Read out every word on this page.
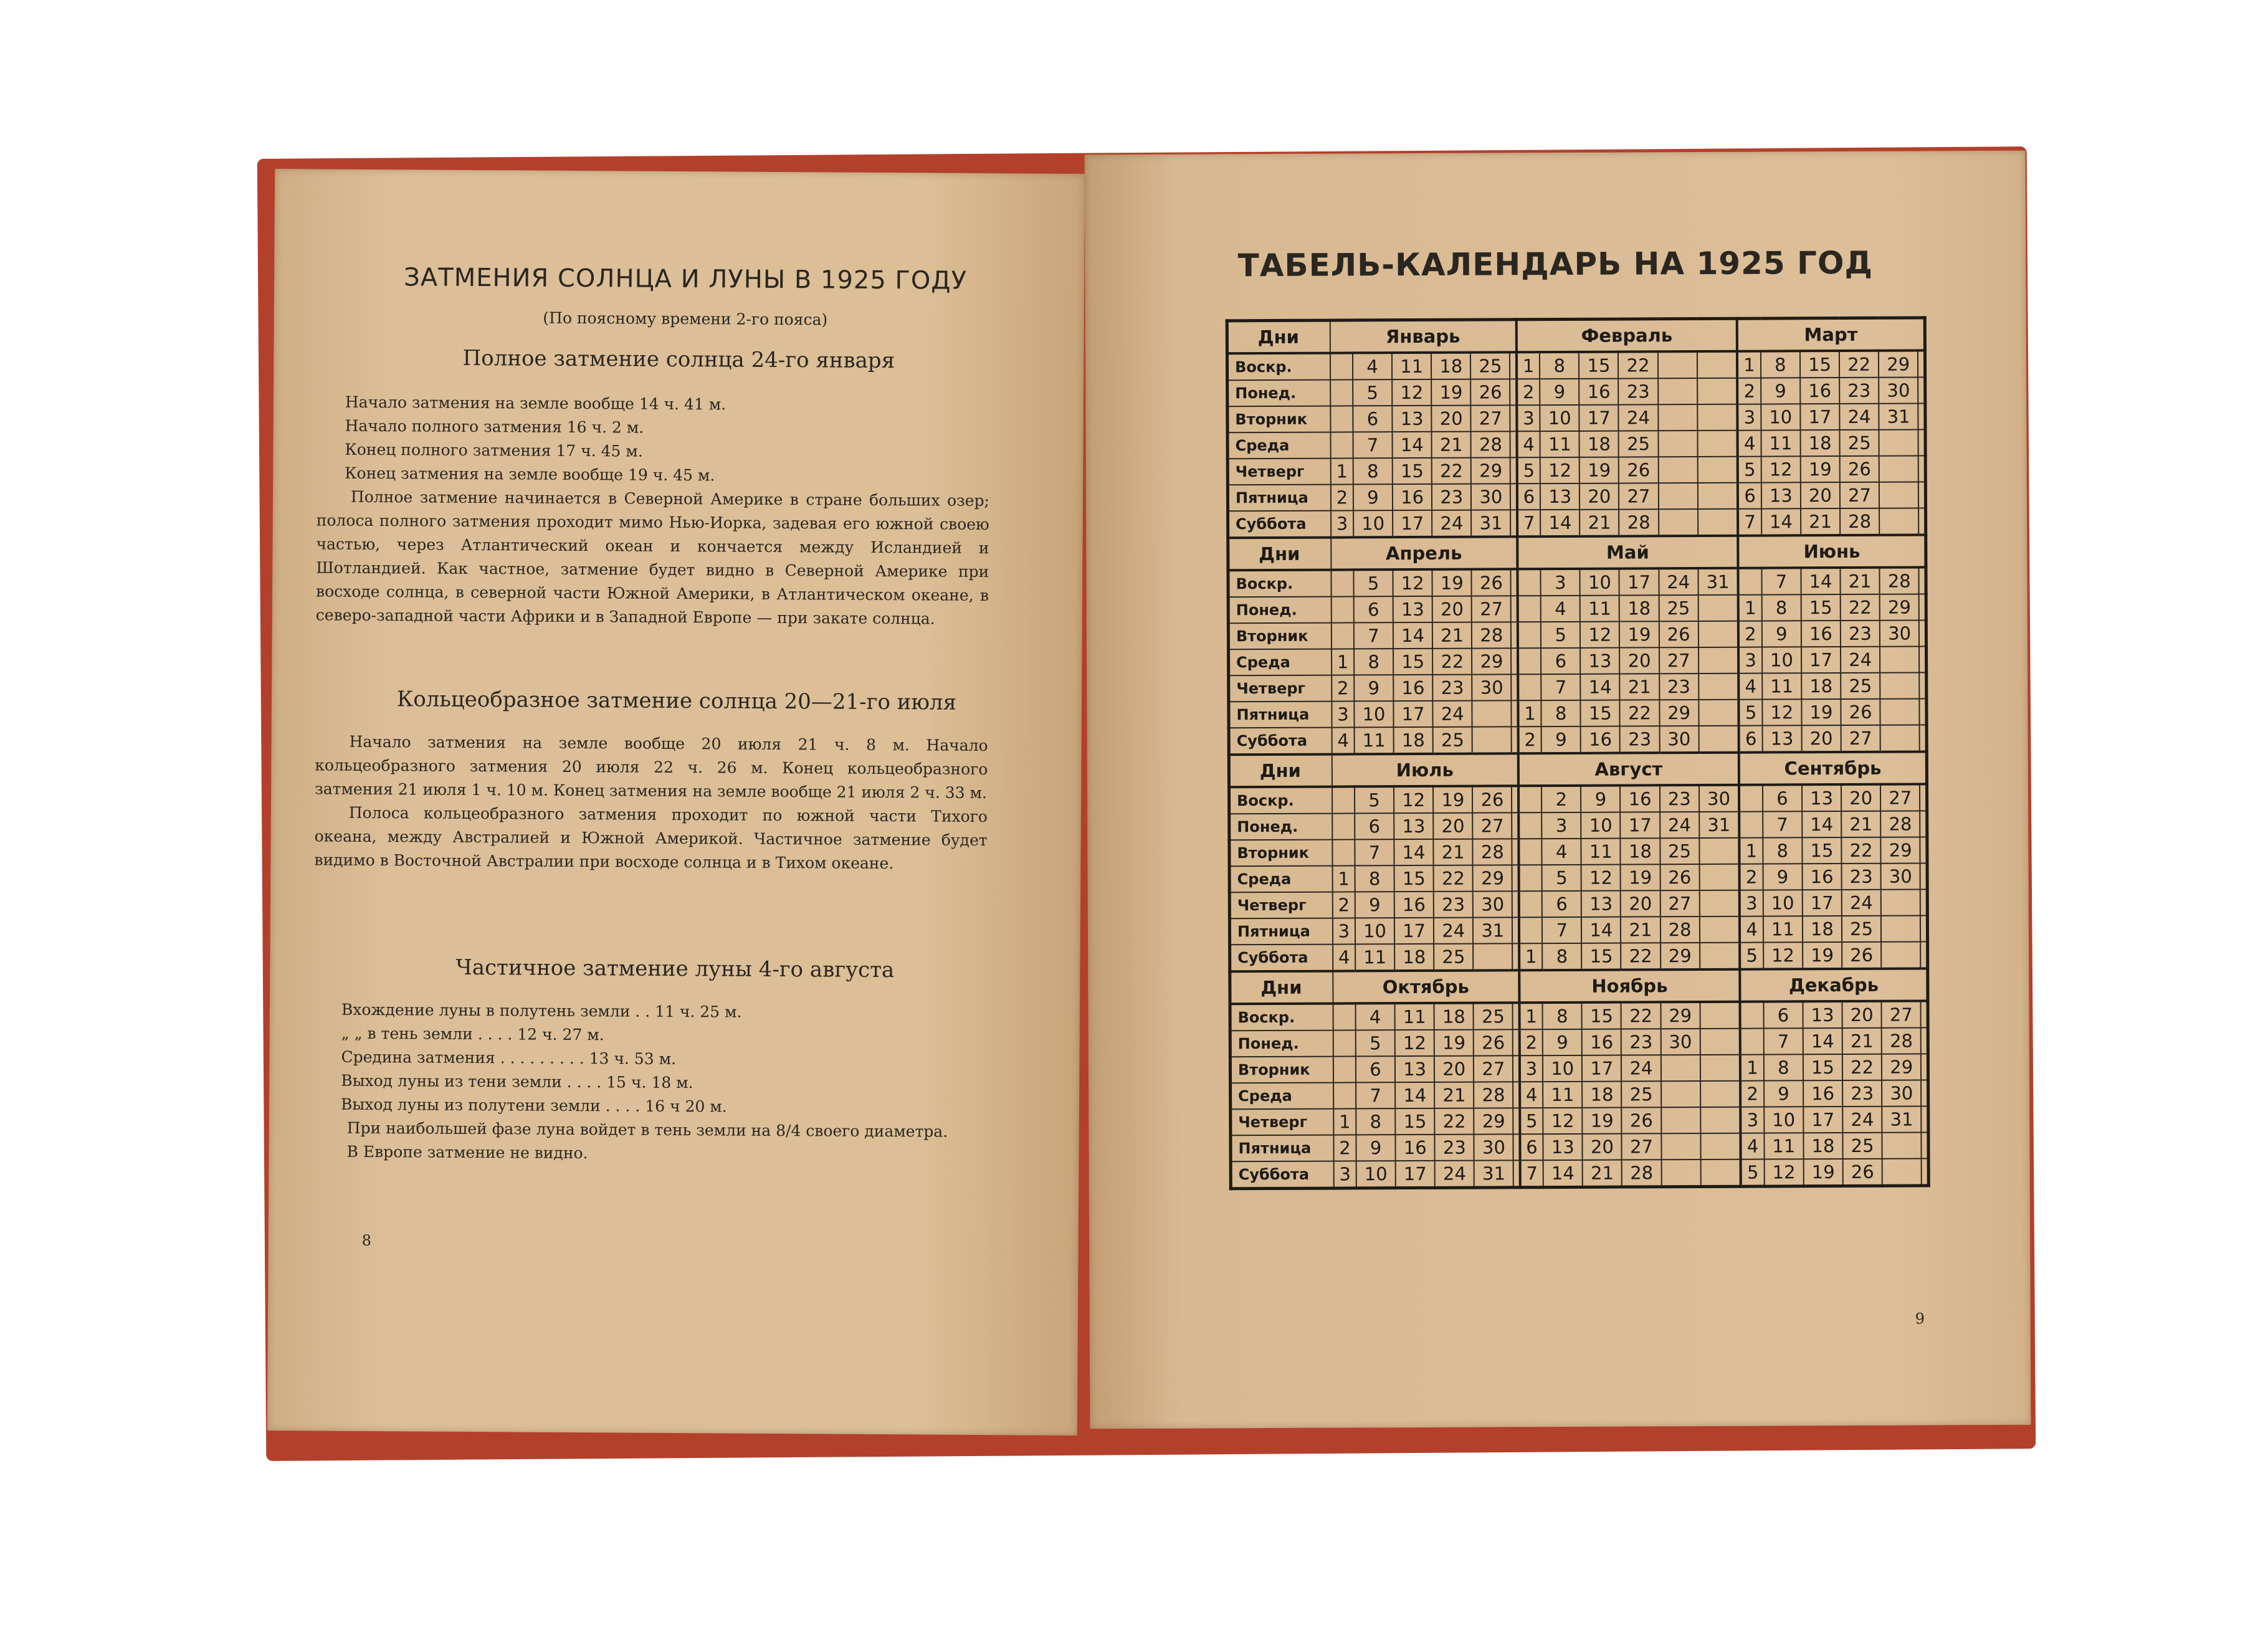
ЗАТМЕНИЯ СОЛНЦА И ЛУНЫ В 1925 ГОДУ
(По поясному времени 2-го пояса)
Полное затмение солнца 24-го января

Начало затмения на земле вообще 14 ч. 41 м.

Начало полного затмения 16 ч. 2 м.

Конец полного затмения 17 ч. 45 м.

Конец затмения на земле вообще 19 ч. 45 м.

Полное затмение начинается в Северной Америке в стране больших озер; полоса полного затмения проходит мимо Нью-Иорка, задевая его южной своею частью, через Атлантический океан и кончается между Исландией и Шотландией. Как частное, затмение будет видно в Северной Америке при восходе солнца, в северной части Южной Америки, в Атлантическом океане, в северо-западной части Африки и в Западной Европе — при закате солнца.

Кольцеобразное затмение солнца 20—21-го июля

Начало затмения на земле вообще 20 июля 21 ч. 8 м. Начало кольцеобразного затмения 20 июля 22 ч. 26 м. Конец кольцеобразного затмения 21 июля 1 ч. 10 м. Конец затмения на земле вообще 21 июля 2 ч. 33 м.

Полоса кольцеобразного затмения проходит по южной части Тихого океана, между Австралией и Южной Америкой. Частичное затмение будет видимо в Восточной Австралии при восходе солнца и в Тихом океане.

Частичное затмение луны 4-го августа

Вхождение луны в полутень земли . . 11 ч. 25 м.

„ „ в тень земли . . . . 12 ч. 27 м.

Средина затмения . . . . . . . . . 13 ч. 53 м.

Выход луны из тени земли . . . . 15 ч. 18 м.

Выход луны из полутени земли . . . . 16 ч 20 м.

При наибольшей фазе луна войдет в тень земли на 8/4 своего диаметра.

В Европе затмение не видно.

8
ТАБЕЛЬ-КАЛЕНДАРЬ НА 1925 ГОД
Дни	Январь						Февраль						Март					
Воскр.		4	11	18	25		1	8	15	22			1	8	15	22	29	
Понед.		5	12	19	26		2	9	16	23			2	9	16	23	30	
Вторник		6	13	20	27		3	10	17	24			3	10	17	24	31	
Среда		7	14	21	28		4	11	18	25			4	11	18	25		
Четверг	1	8	15	22	29		5	12	19	26			5	12	19	26		
Пятница	2	9	16	23	30		6	13	20	27			6	13	20	27		
Суббота	3	10	17	24	31		7	14	21	28			7	14	21	28		
Дни	Апрель						Май						Июнь					
Воскр.		5	12	19	26			3	10	17	24	31		7	14	21	28	
Понед.		6	13	20	27			4	11	18	25		1	8	15	22	29	
Вторник		7	14	21	28			5	12	19	26		2	9	16	23	30	
Среда	1	8	15	22	29			6	13	20	27		3	10	17	24		
Четверг	2	9	16	23	30			7	14	21	23		4	11	18	25		
Пятница	3	10	17	24			1	8	15	22	29		5	12	19	26		
Суббота	4	11	18	25			2	9	16	23	30		6	13	20	27		
Дни	Июль						Август						Сентябрь					
Воскр.		5	12	19	26			2	9	16	23	30		6	13	20	27	
Понед.		6	13	20	27			3	10	17	24	31		7	14	21	28	
Вторник		7	14	21	28			4	11	18	25		1	8	15	22	29	
Среда	1	8	15	22	29			5	12	19	26		2	9	16	23	30	
Четверг	2	9	16	23	30			6	13	20	27		3	10	17	24		
Пятница	3	10	17	24	31			7	14	21	28		4	11	18	25		
Суббота	4	11	18	25			1	8	15	22	29		5	12	19	26		
Дни	Октябрь						Ноябрь						Декабрь					
Воскр.		4	11	18	25		1	8	15	22	29			6	13	20	27	
Понед.		5	12	19	26		2	9	16	23	30			7	14	21	28	
Вторник		6	13	20	27		3	10	17	24			1	8	15	22	29	
Среда		7	14	21	28		4	11	18	25			2	9	16	23	30	
Четверг	1	8	15	22	29		5	12	19	26			3	10	17	24	31	
Пятница	2	9	16	23	30		6	13	20	27			4	11	18	25		
Суббота	3	10	17	24	31		7	14	21	28			5	12	19	26		
9
